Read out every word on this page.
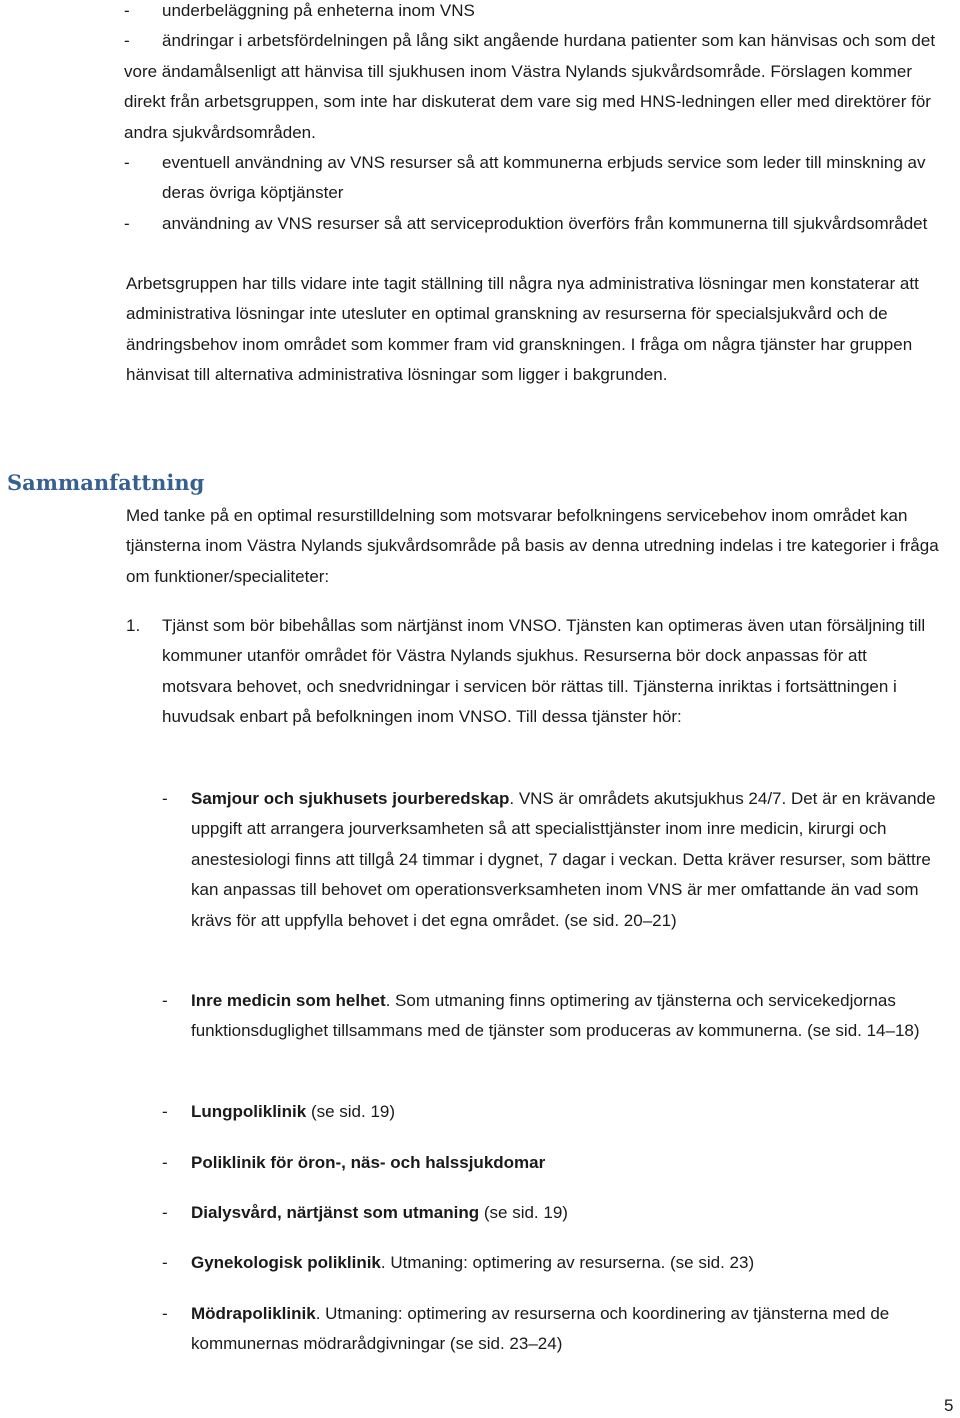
-	underbeläggning på enheterna inom VNS

-	ändringar i arbetsfördelningen på lång sikt angående hurdana patienter som kan hänvisas och som det vore ändamålsenligt att hänvisa till sjukhusen inom Västra Nylands sjukvårdsområde. Förslagen kommer direkt från arbetsgruppen, som inte har diskuterat dem vare sig med HNS-ledningen eller med direktörer för andra sjukvårdsområden.

-	eventuell användning av VNS resurser så att kommunerna erbjuds service som leder till minskning av deras övriga köptjänster

-	användning av VNS resurser så att serviceproduktion överförs från kommunerna till sjukvårdsområdet

Arbetsgruppen har tills vidare inte tagit ställning till några nya administrativa lösningar men konstaterar att administrativa lösningar inte utesluter en optimal granskning av resurserna för specialsjukvård och de ändringsbehov inom området som kommer fram vid granskningen. I fråga om några tjänster har gruppen hänvisat till alternativa administrativa lösningar som ligger i bakgrunden.

Sammanfattning

Med tanke på en optimal resurstilldelning som motsvarar befolkningens servicebehov inom området kan tjänsterna inom Västra Nylands sjukvårdsområde på basis av denna utredning indelas i tre kategorier i fråga om funktioner/specialiteter:

1.	Tjänst som bör bibehållas som närtjänst inom VNSO. Tjänsten kan optimeras även utan försäljning till kommuner utanför området för Västra Nylands sjukhus. Resurserna bör dock anpassas för att motsvara behovet, och snedvridningar i servicen bör rättas till. Tjänsterna inriktas i fortsättningen i huvudsak enbart på befolkningen inom VNSO. Till dessa tjänster hör:

-	Samjour och sjukhusets jourberedskap. VNS är områdets akutsjukhus 24/7. Det är en krävande uppgift att arrangera jourverksamheten så att specialisttjänster inom inre medicin, kirurgi och anestesiologi finns att tillgå 24 timmar i dygnet, 7 dagar i veckan. Detta kräver resurser, som bättre kan anpassas till behovet om operationsverksamheten inom VNS är mer omfattande än vad som krävs för att uppfylla behovet i det egna området. (se sid. 20–21)

-	Inre medicin som helhet. Som utmaning finns optimering av tjänsterna och servicekedjornas funktionsduglighet tillsammans med de tjänster som produceras av kommunerna. (se sid. 14–18)

-	Lungpoliklinik (se sid. 19)

-	Poliklinik för öron-, näs- och halssjukdomar

-	Dialysvård, närtjänst som utmaning (se sid. 19)

-	Gynekologisk poliklinik. Utmaning: optimering av resurserna. (se sid. 23)

-	Mödrapoliklinik. Utmaning: optimering av resurserna och koordinering av tjänsterna med de kommunernas mödrarådgivningar (se sid. 23–24)

5
